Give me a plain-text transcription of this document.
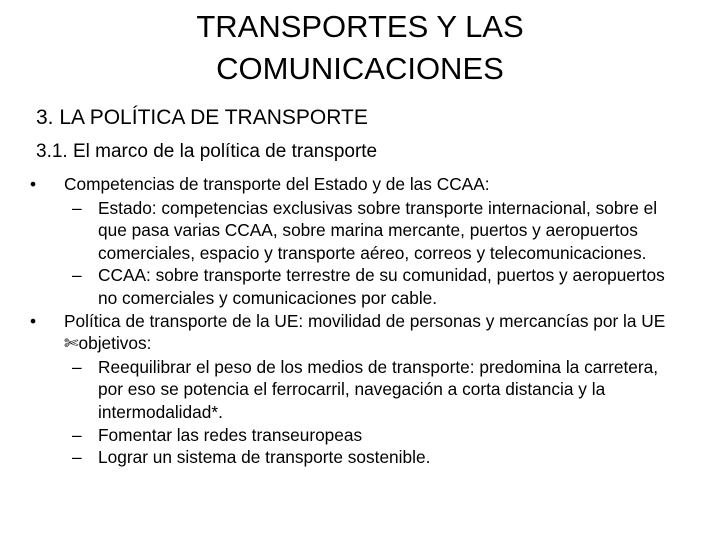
TRANSPORTES Y LAS
COMUNICACIONES
3. LA POLÍTICA DE TRANSPORTE
3.1. El marco de la política de transporte
• Competencias de transporte del Estado y de las CCAA:
– Estado: competencias exclusivas sobre transporte internacional, sobre el que pasa varias CCAA, sobre marina mercante, puertos y aeropuertos comerciales, espacio y transporte aéreo, correos y telecomunicaciones.
– CCAA: sobre transporte terrestre de su comunidad, puertos y aeropuertos no comerciales y comunicaciones por cable.
• Política de transporte de la UE: movilidad de personas y mercancías por la UE✄objetivos:
– Reequilibrar el peso de los medios de transporte: predomina la carretera, por eso se potencia el ferrocarril, navegación a corta distancia y la intermodalidad*.
– Fomentar las redes transeuropeas
– Lograr un sistema de transporte sostenible.
